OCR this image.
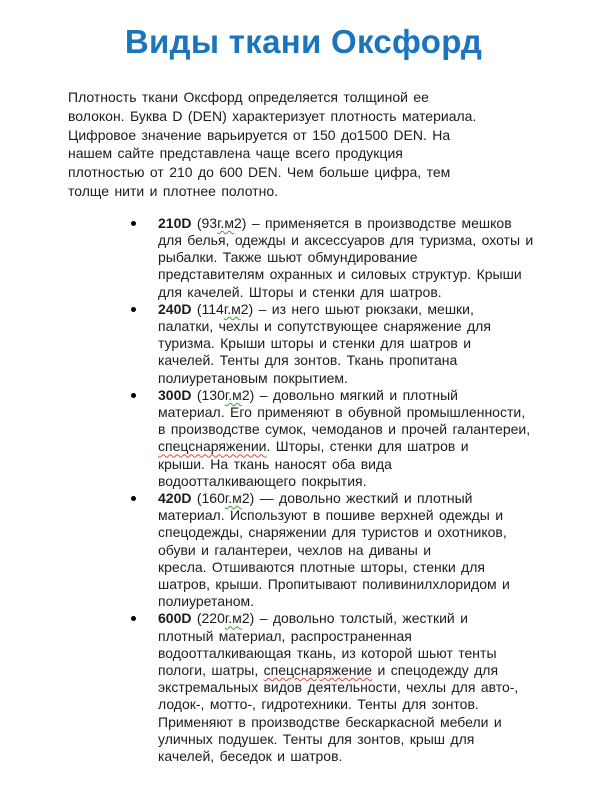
Виды ткани Оксфорд

Плотность ткани Оксфорд определяется толщиной ее
волокон. Буква D (DEN) характеризует плотность материала.
Цифровое значение варьируется от 150 до1500 DEN. На
нашем сайте представлена чаще всего продукция
плотностью от 210 до 600 DEN. Чем больше цифра, тем
толще нити и плотнее полотно.

210D (93г.м2) – применяется в производстве мешков
для белья, одежды и аксессуаров для туризма, охоты и
рыбалки. Также шьют обмундирование
представителям охранных и силовых структур. Крыши
для качелей. Шторы и стенки для шатров.
240D (114г.м2) – из него шьют рюкзаки, мешки,
палатки, чехлы и сопутствующее снаряжение для
туризма. Крыши шторы и стенки для шатров и
качелей. Тенты для зонтов. Ткань пропитана
полиуретановым покрытием.
300D (130г.м2) – довольно мягкий и плотный
материал. Его применяют в обувной промышленности,
в производстве сумок, чемоданов и прочей галантереи,
спецснаряжении. Шторы, стенки для шатров и
крыши. На ткань наносят оба вида
водоотталкивающего покрытия.
420D (160г.м2) — довольно жесткий и плотный
материал. Используют в пошиве верхней одежды и
спецодежды, снаряжении для туристов и охотников,
обуви и галантереи, чехлов на диваны и
кресла. Отшиваются плотные шторы, стенки для
шатров, крыши. Пропитывают поливинилхлоридом и
полиуретаном.
600D (220г.м2) – довольно толстый, жесткий и
плотный материал, распространенная
водоотталкивающая ткань, из которой шьют тенты
пологи, шатры, спецснаряжение и спецодежду для
экстремальных видов деятельности, чехлы для авто-,
лодок-, мотто-, гидротехники. Тенты для зонтов.
Применяют в производстве бескаркасной мебели и
уличных подушек. Тенты для зонтов, крыш для
качелей, беседок и шатров.
